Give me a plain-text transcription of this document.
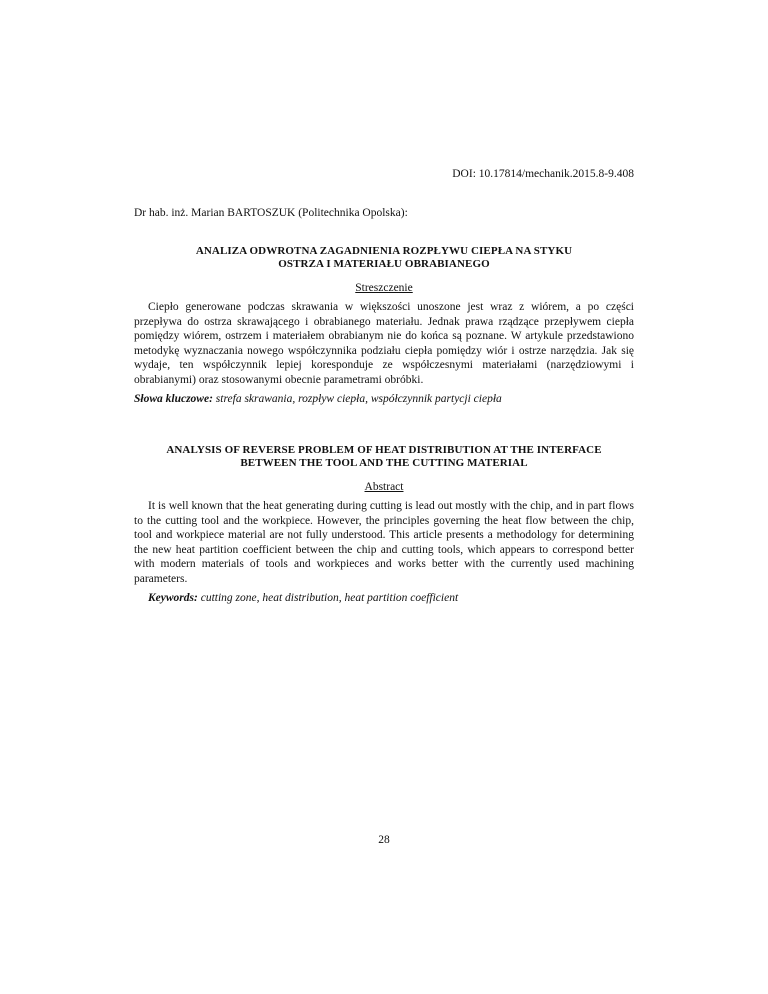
DOI: 10.17814/mechanik.2015.8-9.408
Dr hab. inż. Marian BARTOSZUK (Politechnika Opolska):
ANALIZA ODWROTNA ZAGADNIENIA ROZPŁYWU CIEPŁA NA STYKU
OSTRZA I MATERIAŁU OBRABIANEGO
Streszczenie
Ciepło generowane podczas skrawania w większości unoszone jest wraz z wiórem, a po części przepływa do ostrza skrawającego i obrabianego materiału. Jednak prawa rządzące przepływem ciepła pomiędzy wiórem, ostrzem i materiałem obrabianym nie do końca są poznane. W artykule przedstawiono metodykę wyznaczania nowego współczynnika podziału ciepła pomiędzy wiór i ostrze narzędzia. Jak się wydaje, ten współczynnik lepiej koresponduje ze współczesnymi materiałami (narzędziowymi i obrabianymi) oraz stosowanymi obecnie parametrami obróbki.
Słowa kluczowe: strefa skrawania, rozpływ ciepła, współczynnik partycji ciepła
ANALYSIS OF REVERSE PROBLEM OF HEAT DISTRIBUTION AT THE INTERFACE
BETWEEN THE TOOL AND THE CUTTING MATERIAL
Abstract
It is well known that the heat generating during cutting is lead out mostly with the chip, and in part flows to the cutting tool and the workpiece. However, the principles governing the heat flow between the chip, tool and workpiece material are not fully understood. This article presents a methodology for determining the new heat partition coefficient between the chip and cutting tools, which appears to correspond better with modern materials of tools and workpieces and works better with the currently used machining parameters.
Keywords: cutting zone, heat distribution, heat partition coefficient
28
